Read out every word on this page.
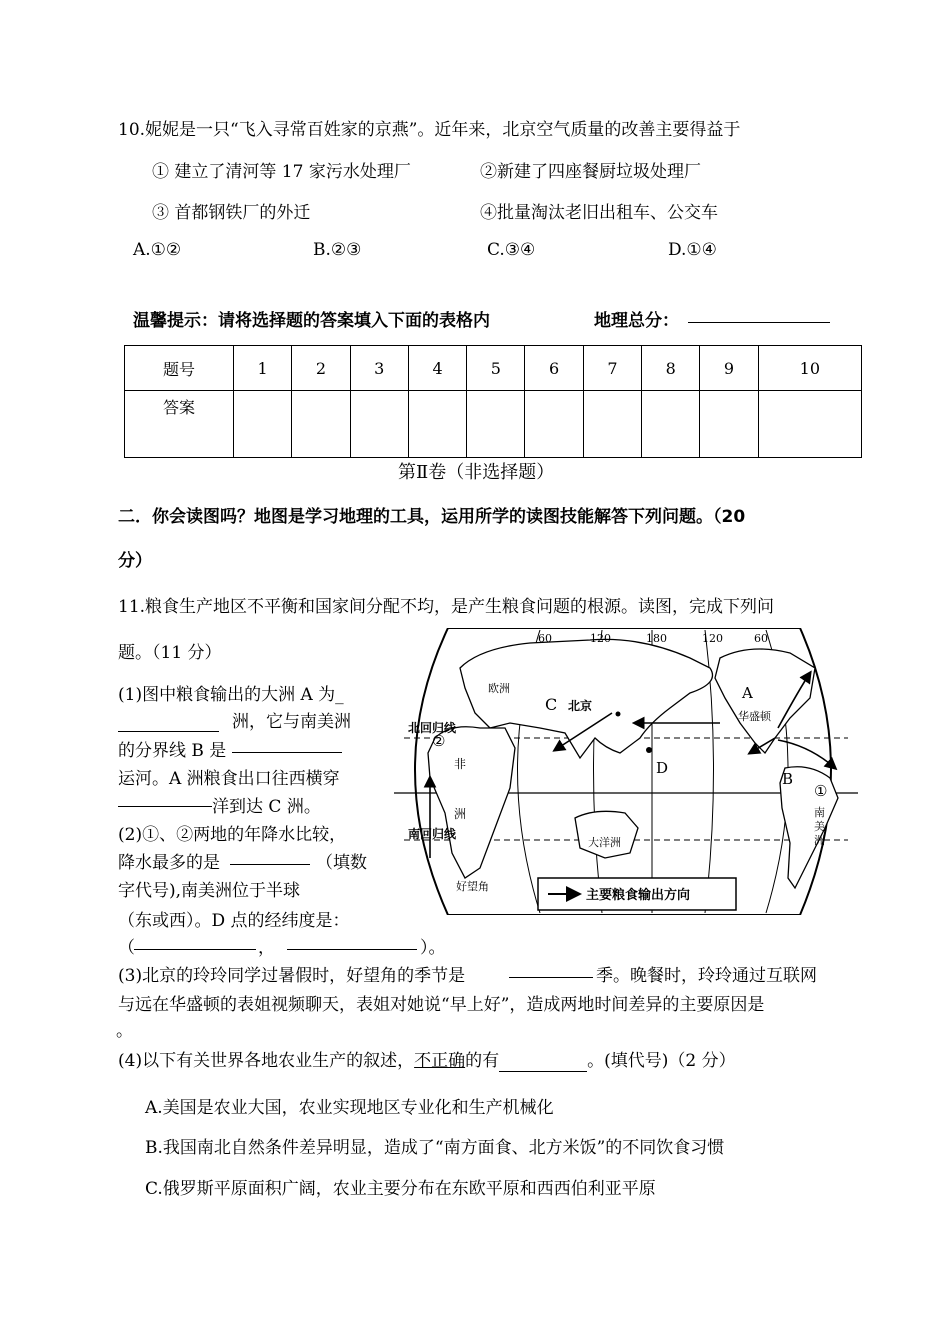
10.妮妮是一只“飞入寻常百姓家的京燕”。近年来，北京空气质量的改善主要得益于
① 建立了清河等 17 家污水处理厂	②新建了四座餐厨垃圾处理厂
③ 首都钢铁厂的外迁	④批量淘汰老旧出租车、公交车
A.①②	B.②③	C.③④	D.①④
温馨提示：请将选择题的答案填入下面的表格内	地理总分：
题号	1	2	3	4	5	6	7	8	9	10
答案										
第Ⅱ卷（非选择题）
二．你会读图吗？地图是学习地理的工具，运用所学的读图技能解答下列问题。（20
分）
11.粮食生产地区不平衡和国家间分配不均，是产生粮食问题的根源。读图，完成下列问
题。（11 分）
(1)图中粮食输出的大洲 A 为_
洲，它与南美洲
的分界线 B 是
运河。A 洲粮食出口往西横穿
洋到达 C 洲。
(2)①、②两地的年降水比较，
降水最多的是	（填数
字代号),南美洲位于半球
（东或西）。D 点的经纬度是：
（	，	）。
(3)北京的玲玲同学过暑假时，好望角的季节是	季。晚餐时，玲玲通过互联网
与远在华盛顿的表姐视频聊天，表姐对她说“早上好”，造成两地时间差异的主要原因是
。
(4)以下有关世界各地农业生产的叙述，不正确的有	。(填代号)（2 分）
A.美国是农业大国，农业实现地区专业化和生产机械化
B.我国南北自然条件差异明显，造成了“南方面食、北方米饭”的不同饮食习惯
C.俄罗斯平原面积广阔，农业主要分布在东欧平原和西西伯利亚平原
60	120	180	120	60
欧洲
非
洲
大洋洲
北京
华盛顿
北回归线
南回归线
好望角
南
美
洲
C
A
B
D
①
②
主要粮食输出方向
